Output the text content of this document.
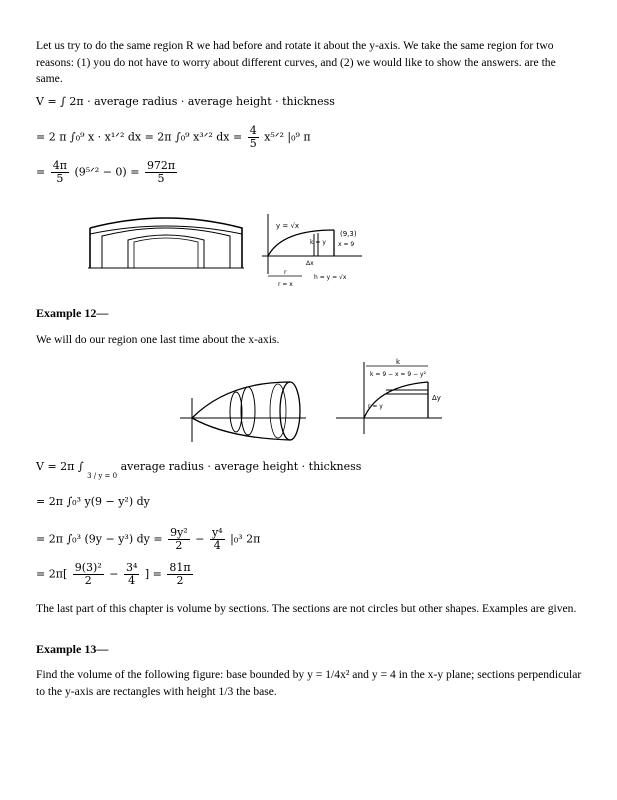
Let us try to do the same region R we had before and rotate it about the y-axis. We take the same region for two reasons: (1) you do not have to worry about different curves, and (2) we would like to show the answers. are the same.
V = ∫ 2π · average radius · average height · thickness
= 2 π ∫₀⁹ x · x¹ᐟ² dx = 2π ∫₀⁹ x³ᐟ² dx = $\frac{4}{5}$ x⁵ᐟ² |₀⁹ π
= $\frac{4\pi}{5}$ (9⁵ᐟ² − $0) = \frac{972\pi}{5}$
y = √x
(9,3)
k = y x = 9
Δx
r
r = x
h = y = √x
Example 12—
We will do our region one last time about the x-axis.
k
k = 9 − x = 9 − y²
r = y
Δy
V = 2π ∫ $_{3 / y = 0}$ average radius · average height · thickness
= 2π ∫₀³ y(9 − y²) dy
= 2π ∫₀³ (9y − y³) dy = $\frac{\text{9y²}}{2} - \frac{\text{y⁴}}{4} |_0^3$ 2π
= $2\pi[ \frac{\text{9(3)²}}{2} - \frac{\text{3⁴}}{4}$ ] = $\frac{81\pi}{2}$
The last part of this chapter is volume by sections. The sections are not circles but other shapes. Examples are given.
Example 13—
Find the volume of the following figure: base bounded by y = 1/4x² and y = 4 in the x-y plane; sections perpendicular to the y-axis are rectangles with height 1/3 the base.
